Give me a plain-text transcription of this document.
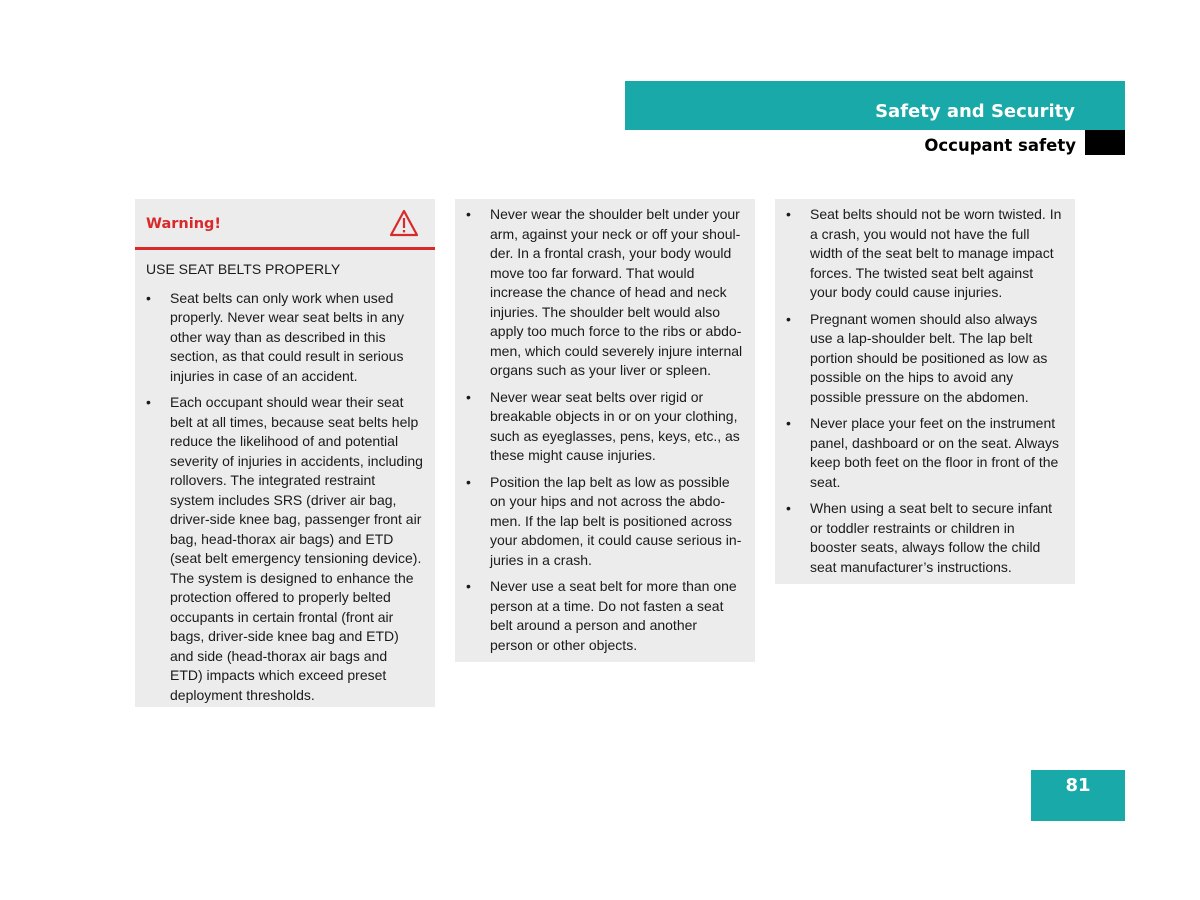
Safety and Security
Occupant safety
Warning!

USE SEAT BELTS PROPERLY

•	Seat belts can only work when used properly. Never wear seat belts in any other way than as described in this section, as that could result in serious injuries in case of an accident.
•	Each occupant should wear their seat belt at all times, because seat belts help reduce the likelihood of and potential severity of injuries in accidents, including rollovers. The integrated restraint system includes SRS (driver air bag, driver-side knee bag, passenger front air bag, head-thorax air bags) and ETD (seat belt emergency tensioning device). The system is designed to enhance the protection offered to properly belted occupants in certain frontal (front air bags, driver-side knee bag and ETD) and side (head-thorax air bags and ETD) impacts which exceed preset deployment thresholds.
•	Never wear the shoulder belt under your arm, against your neck or off your shoulder. In a frontal crash, your body would move too far forward. That would increase the chance of head and neck injuries. The shoulder belt would also apply too much force to the ribs or abdomen, which could severely injure internal organs such as your liver or spleen.
•	Never wear seat belts over rigid or breakable objects in or on your clothing, such as eyeglasses, pens, keys, etc., as these might cause injuries.
•	Position the lap belt as low as possible on your hips and not across the abdomen. If the lap belt is positioned across your abdomen, it could cause serious injuries in a crash.
•	Never use a seat belt for more than one person at a time. Do not fasten a seat belt around a person and another person or other objects.
•	Seat belts should not be worn twisted. In a crash, you would not have the full width of the seat belt to manage impact forces. The twisted seat belt against your body could cause injuries.
•	Pregnant women should also always use a lap-shoulder belt. The lap belt portion should be positioned as low as possible on the hips to avoid any possible pressure on the abdomen.
•	Never place your feet on the instrument panel, dashboard or on the seat. Always keep both feet on the floor in front of the seat.
•	When using a seat belt to secure infant or toddler restraints or children in booster seats, always follow the child seat manufacturer’s instructions.

81
